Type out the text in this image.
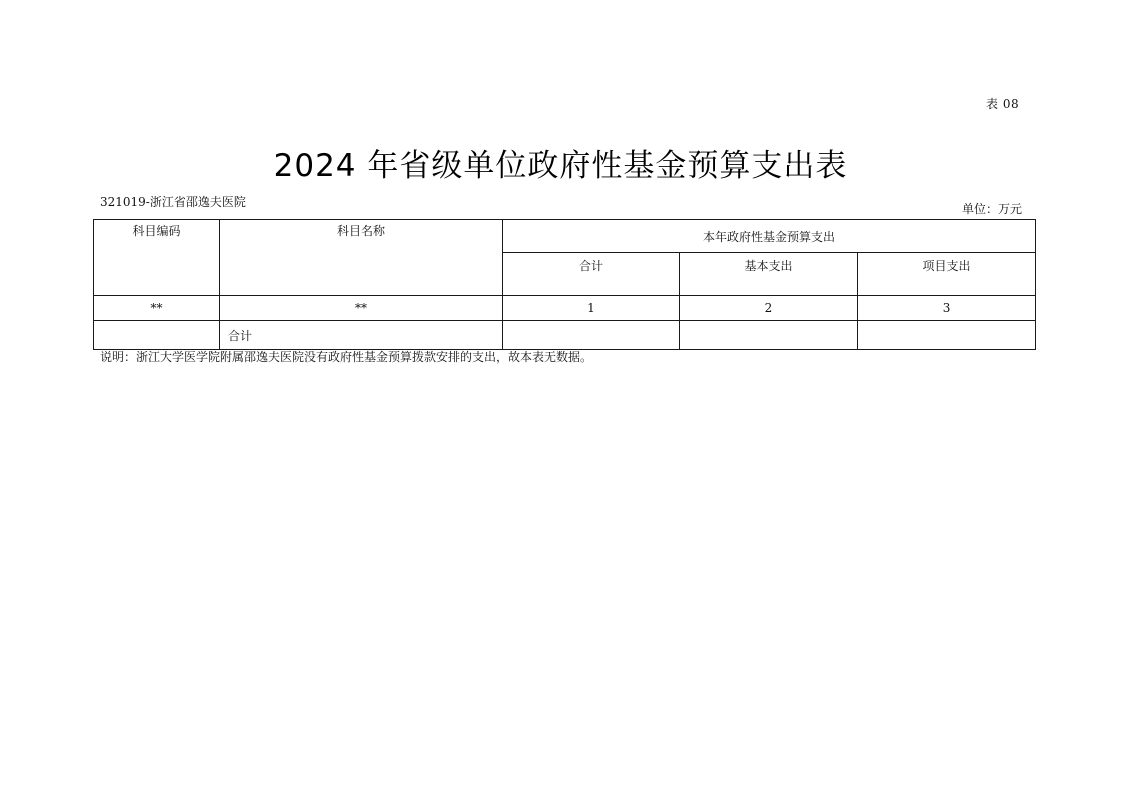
表 08
2024 年省级单位政府性基金预算支出表
321019-浙江省邵逸夫医院	单位：万元
科目编码	科目名称	本年政府性基金预算支出		
		合计	基本支出	项目支出
**	**	1	2	3
	合计			
说明：浙江大学医学院附属邵逸夫医院没有政府性基金预算拨款安排的支出，故本表无数据。
